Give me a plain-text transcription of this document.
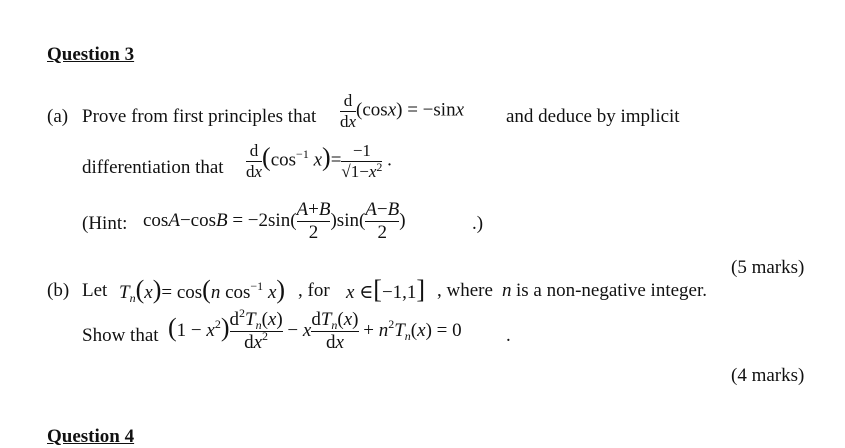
Question 3
(a) Prove from first principles that $\frac{d}{dx} (\cos x) = -\sin x$ and deduce by implicit
differentiation that $\frac{d}{dx} (\cos^{-1}$ $x)= \frac{-1}{√1-x^2}$ .
(Hint: $\cos A-\cos B = -2\sin( \frac{A+B}{2} )\sin( \frac{A-B}{2}$ )	.)
(5 marks)
(b) Let $T_n(x)= \cos(n$ $\cos^{-1} x$) , for x ∈[−1,1] , where n is a non-negative integer.
Show that $(1 - x^2) \frac{d^2T_n(x)}{dx^2} - x \frac{dT_n(x)}{dx} + n^2T_n(x) = 0$ .
(4 marks)
Question 4
